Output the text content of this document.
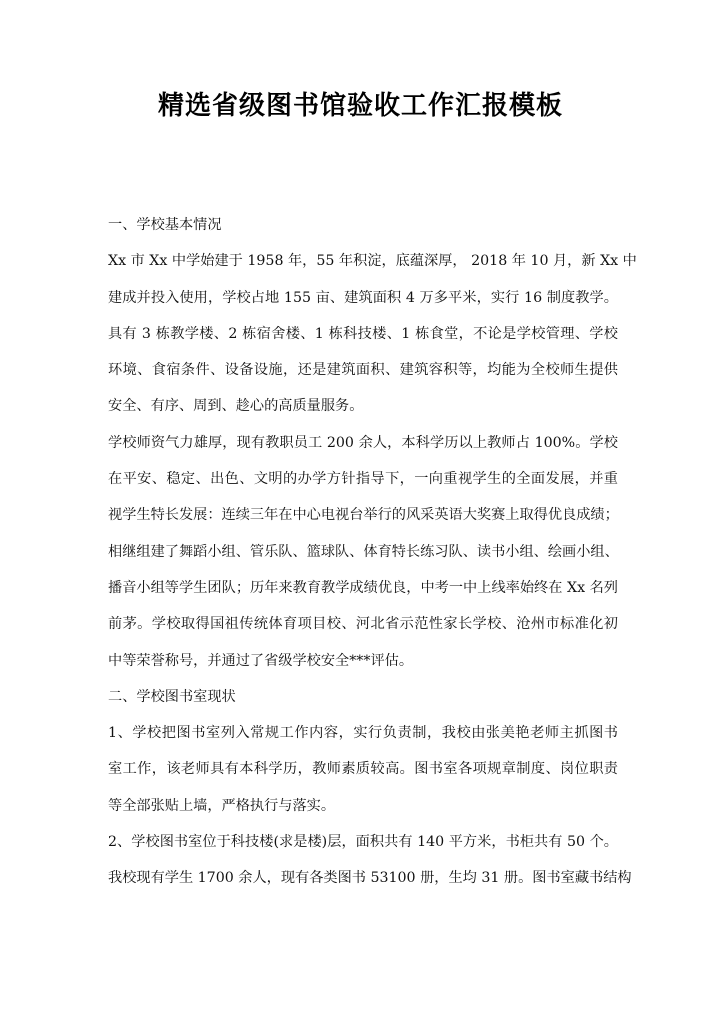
精选省级图书馆验收工作汇报模板
一、学校基本情况
Xx 市 Xx 中学始建于 1958 年，55 年积淀，底蕴深厚， 2018 年 10 月，新 Xx 中
建成并投入使用，学校占地 155 亩、建筑面积 4 万多平米，实行 16 制度教学。
具有 3 栋教学楼、2 栋宿舍楼、1 栋科技楼、1 栋食堂，不论是学校管理、学校
环境、食宿条件、设备设施，还是建筑面积、建筑容积等，均能为全校师生提供
安全、有序、周到、趁心的高质量服务。
学校师资气力雄厚，现有教职员工 200 余人，本科学历以上教师占 100%。学校
在平安、稳定、出色、文明的办学方针指导下，一向重视学生的全面发展，并重
视学生特长发展：连续三年在中心电视台举行的风采英语大奖赛上取得优良成绩；
相继组建了舞蹈小组、管乐队、篮球队、体育特长练习队、读书小组、绘画小组、
播音小组等学生团队；历年来教育教学成绩优良，中考一中上线率始终在 Xx 名列
前茅。学校取得国祖传统体育项目校、河北省示范性家长学校、沧州市标准化初
中等荣誉称号，并通过了省级学校安全***评估。
二、学校图书室现状
1、学校把图书室列入常规工作内容，实行负责制，我校由张美艳老师主抓图书
室工作，该老师具有本科学历，教师素质较高。图书室各项规章制度、岗位职责
等全部张贴上墙，严格执行与落实。
2、学校图书室位于科技楼(求是楼)层，面积共有 140 平方米，书柜共有 50 个。
我校现有学生 1700 余人，现有各类图书 53100 册，生均 31 册。图书室藏书结构
